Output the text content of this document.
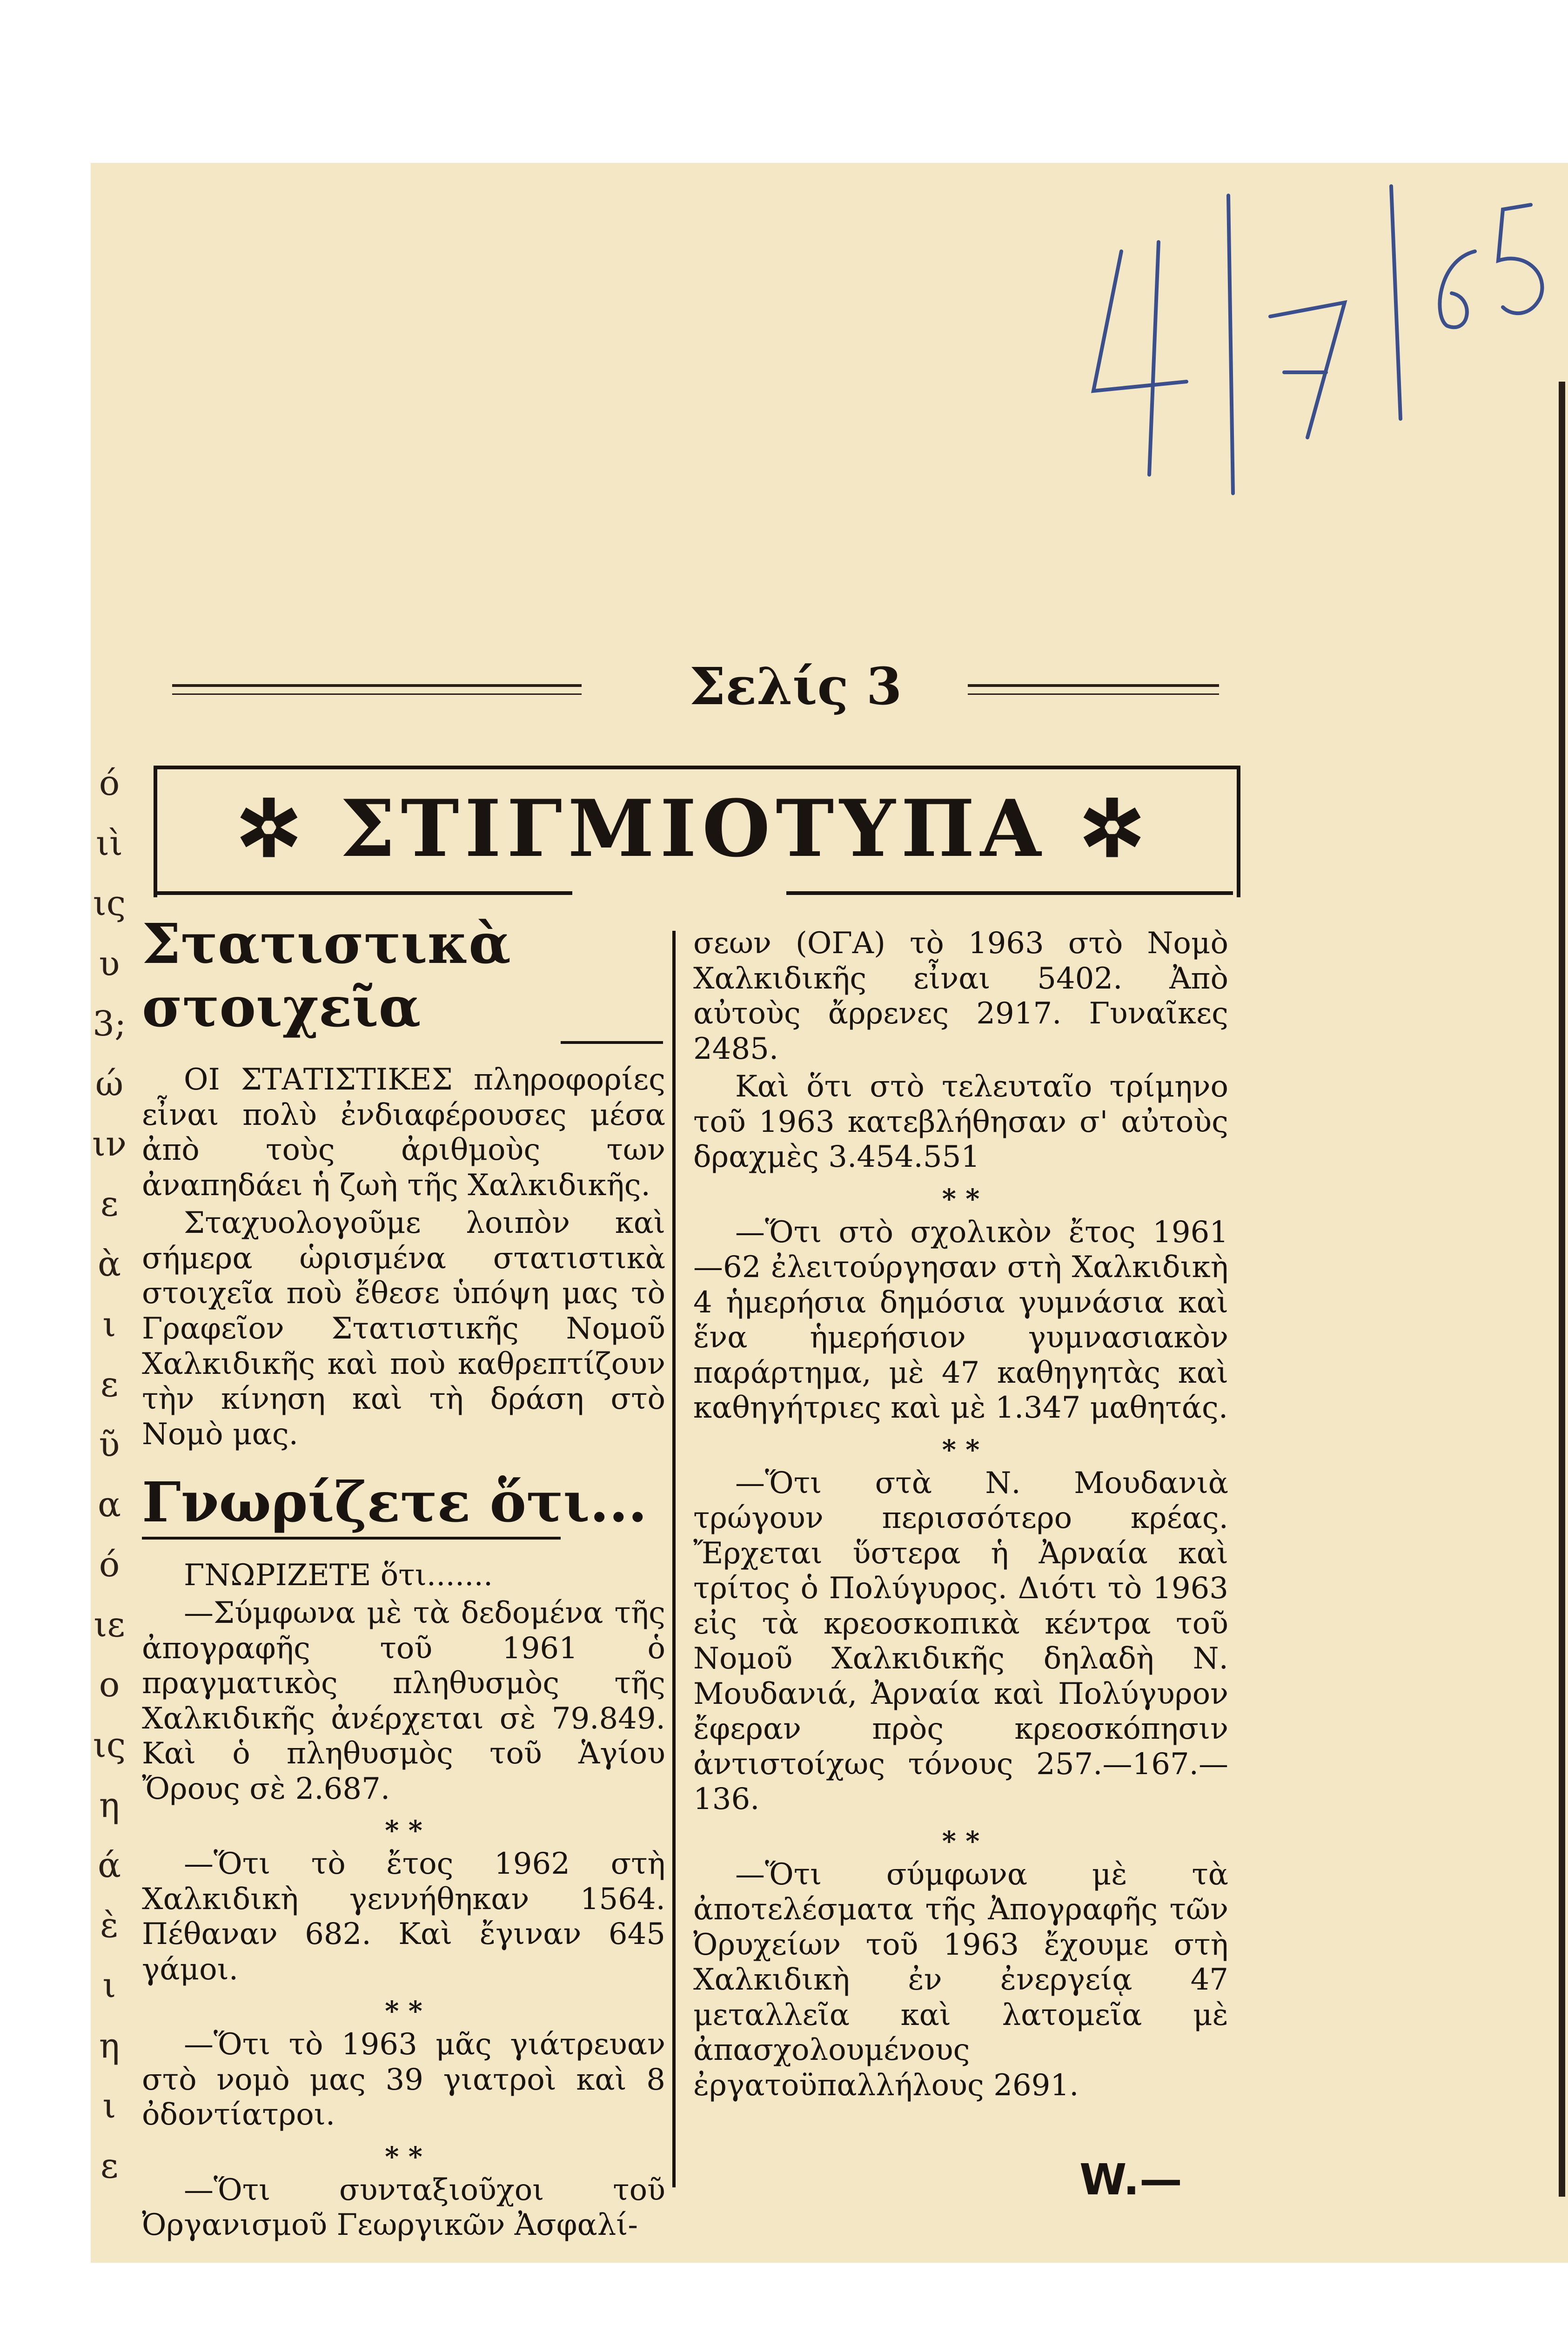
ό
ιὶ
ις
υ
3;
ώ
ιν
ε
ὰ
ι
ε
ῦ
α
ό
ιε
ο
ις
η
ά
ὲ
ι
η
ι
ε
Σελίς 3
✲ ΣΤΙΓΜΙΟΤΥΠΑ ✲
Στατιστικὰ στοιχεῖα

ΟΙ ΣΤΑΤΙΣΤΙΚΕΣ πληροφορίες εἶναι πολὺ ἐνδιαφέρουσες μέσα ἀπὸ τοὺς ἀριθμοὺς των ἀναπηδάει ἡ ζωὴ τῆς Χαλκιδικῆς.

Σταχυολογοῦμε λοιπὸν καὶ σήμερα ὡρισμένα στατιστικὰ στοιχεῖα ποὺ ἔθεσε ὑπόψη μας τὸ Γραφεῖον Στατιστικῆς Νομοῦ Χαλκιδικῆς καὶ ποὺ καθρεπτίζουν τὴν κίνηση καὶ τὴ δράση στὸ Νομὸ μας.

Γνωρίζετε ὅτι...

ΓΝΩΡΙΖΕΤΕ ὅτι.......

—Σύμφωνα μὲ τὰ δεδομένα τῆς ἀπογραφῆς τοῦ 1961 ὁ πραγματικὸς πληθυσμὸς τῆς Χαλκιδικῆς ἀνέρχεται σὲ 79.849. Καὶ ὁ πληθυσμὸς τοῦ Ἁγίου Ὄρους σὲ 2.687.

* *

—Ὅτι τὸ ἔτος 1962 στὴ Χαλκιδικὴ γεννήθηκαν 1564. Πέθαναν 682. Καὶ ἔγιναν 645 γάμοι.

* *

—Ὅτι τὸ 1963 μᾶς γιάτρευαν στὸ νομὸ μας 39 γιατροὶ καὶ 8 ὀδοντίατροι.

* *

—Ὅτι συνταξιοῦχοι τοῦ Ὀργανισμοῦ Γεωργικῶν Ἀσφαλί-

σεων (ΟΓΑ) τὸ 1963 στὸ Νομὸ Χαλκιδικῆς εἶναι 5402. Ἀπὸ αὐτοὺς ἄρρενες 2917. Γυναῖκες 2485.

Καὶ ὅτι στὸ τελευταῖο τρίμηνο τοῦ 1963 κατεβλήθησαν σ' αὐτοὺς δραχμὲς 3.454.551

* *

—Ὅτι στὸ σχολικὸν ἔτος 1961—62 ἐλειτούργησαν στὴ Χαλκιδικὴ 4 ἡμερήσια δημόσια γυμνάσια καὶ ἕνα ἡμερήσιον γυμνασιακὸν παράρτημα, μὲ 47 καθηγητὰς καὶ καθηγήτριες καὶ μὲ 1.347 μαθητάς.

* *

—Ὅτι στὰ Ν. Μουδανιὰ τρώγουν περισσότερο κρέας. Ἔρχεται ὕστερα ἡ Ἀρναία καὶ τρίτος ὁ Πολύγυρος. Διότι τὸ 1963 εἰς τὰ κρεοσκοπικὰ κέντρα τοῦ Νομοῦ Χαλκιδικῆς δηλαδὴ Ν. Μουδανιά, Ἀρναία καὶ Πολύγυρον ἔφεραν πρὸς κρεοσκόπησιν ἀντιστοίχως τόνους 257.—167.—136.

* *

—Ὅτι σύμφωνα μὲ τὰ ἀποτελέσματα τῆς Ἀπογραφῆς τῶν Ὀρυχείων τοῦ 1963 ἔχουμε στὴ Χαλκιδικὴ ἐν ἐνεργείᾳ 47 μεταλλεῖα καὶ λατομεῖα μὲ ἀπασχολουμένους ἐργατοϋπαλλήλους 2691.

W.—
